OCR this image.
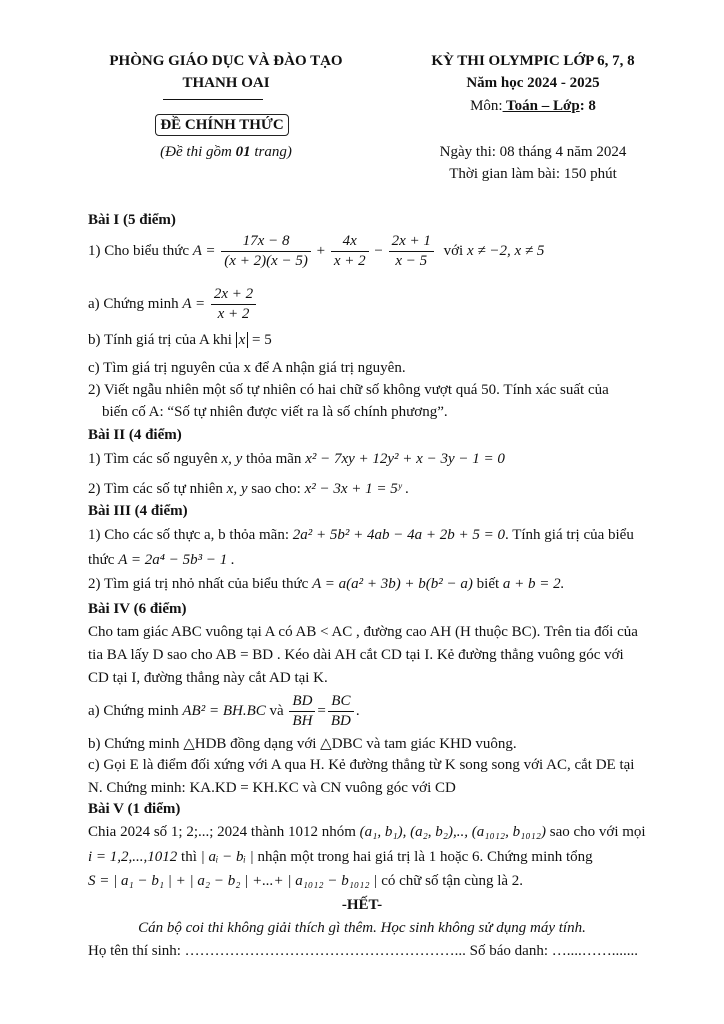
PHÒNG GIÁO DỤC VÀ ĐÀO TẠO
THANH OAI
ĐỀ CHÍNH THỨC
(Đề thi gồm 01 trang)
KỲ THI OLYMPIC LỚP 6, 7, 8
Năm học 2024 - 2025
Môn: Toán – Lớp: 8
Ngày thi: 08 tháng 4 năm 2024
Thời gian làm bài: 150 phút
Bài I (5 điểm)
1) Cho biểu thức $A = \frac{17x - 8}{(x + 2)(x - 5)} + \frac{4x}{x + 2} - \frac{2x + 1}{x - 5}$ với x ≠ −2, x ≠ 5
a) Chứng minh $A = \frac{2x + 2}{x + 2}$
b) Tính giá trị của A khi x = 5
c) Tìm giá trị nguyên của x để A nhận giá trị nguyên.
2) Viết ngẫu nhiên một số tự nhiên có hai chữ số không vượt quá 50. Tính xác suất của
biến cố A: “Số tự nhiên được viết ra là số chính phương”.
Bài II (4 điểm)
1) Tìm các số nguyên x, y thỏa mãn x² − 7xy + 12y² + x − 3y − 1 = 0
2) Tìm các số tự nhiên x, y sao cho: x² − 3x + 1 = 5ʸ .
Bài III (4 điểm)
1) Cho các số thực a, b thỏa mãn: 2a² + 5b² + 4ab − 4a + 2b + 5 = 0. Tính giá trị của biểu
thức A = 2a⁴ − 5b³ − 1 .
2) Tìm giá trị nhỏ nhất của biểu thức A = a(a² + 3b) + b(b² − a) biết a + b = 2.
Bài IV (6 điểm)
Cho tam giác ABC vuông tại A có AB < AC , đường cao AH (H thuộc BC). Trên tia đối của
tia BA lấy D sao cho AB = BD . Kéo dài AH cắt CD tại I. Kẻ đường thẳng vuông góc với
CD tại I, đường thẳng này cắt AD tại K.
a) Chứng minh AB² = BH.BC và $\frac{BD}{BH} = \frac{BC}{BD}$ .
b) Chứng minh △HDB đồng dạng với △DBC và tam giác KHD vuông.
c) Gọi E là điểm đối xứng với A qua H. Kẻ đường thẳng từ K song song với AC, cắt DE tại
N. Chứng minh: KA.KD = KH.KC và CN vuông góc với CD
Bài V (1 điểm)
Chia 2024 số 1; 2;...; 2024 thành 1012 nhóm (a₁, b₁), (a₂, b₂),.., (a₁₀₁₂, b₁₀₁₂) sao cho với mọi
i = 1,2,...,1012 thì | aᵢ − bᵢ | nhận một trong hai giá trị là 1 hoặc 6. Chứng minh tổng
S = | a₁ − b₁ | + | a₂ − b₂ | +...+ | a₁₀₁₂ − b₁₀₁₂ | có chữ số tận cùng là 2.
-HẾT-
Cán bộ coi thi không giải thích gì thêm. Học sinh không sử dụng máy tính.
Họ tên thí sinh: ………………………………………………... Số báo danh: …....…….......
